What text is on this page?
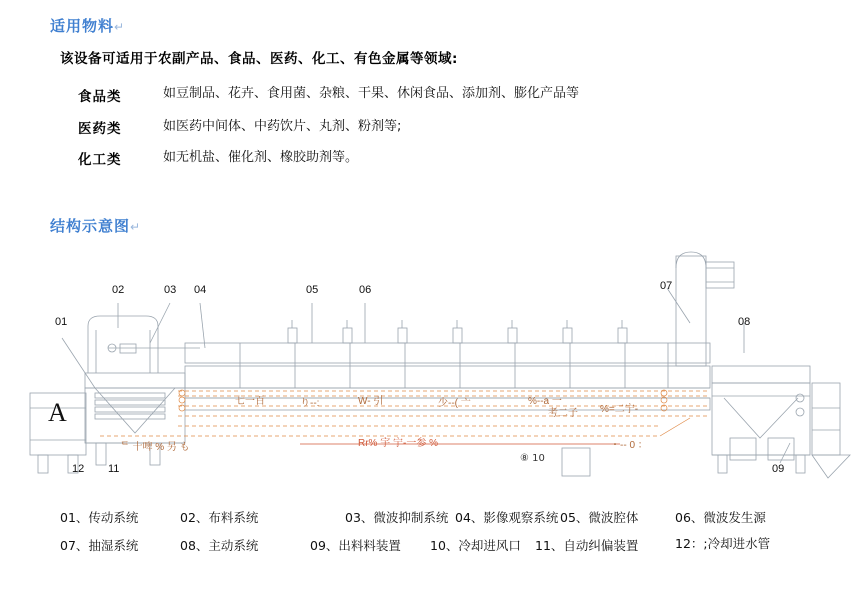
适用物料↵
该设备可适用于农副产品、食品、医药、化工、有色金属等领域:
食品类	如豆制品、花卉、食用菌、杂粮、干果、休闲食品、添加剂、膨化产品等
医药类	如医药中间体、中药饮片、丸剂、粉剂等;
化工类	如无机盐、催化剂、橡胶助剂等。
结构示意图↵
A
⑧ 10
01
02	03 04	05	06	07
08
09
11
12
七一百	り--:	W- 引	少--( 亠	%--a 一
考二子 %=二宁-
・-- 0 ：
ᄐ 十啤 % 另 も	Rr% 宇 宁-一参 %
01、传动系统	02、布料系统	03、微波抑制系统 04、影像观察系统 05、微波腔体	06、微波发生源
07、抽湿系统	08、主动系统	09、出料料装置 10、冷却进风口 11、自动纠偏装置	12：;冷却进水管
